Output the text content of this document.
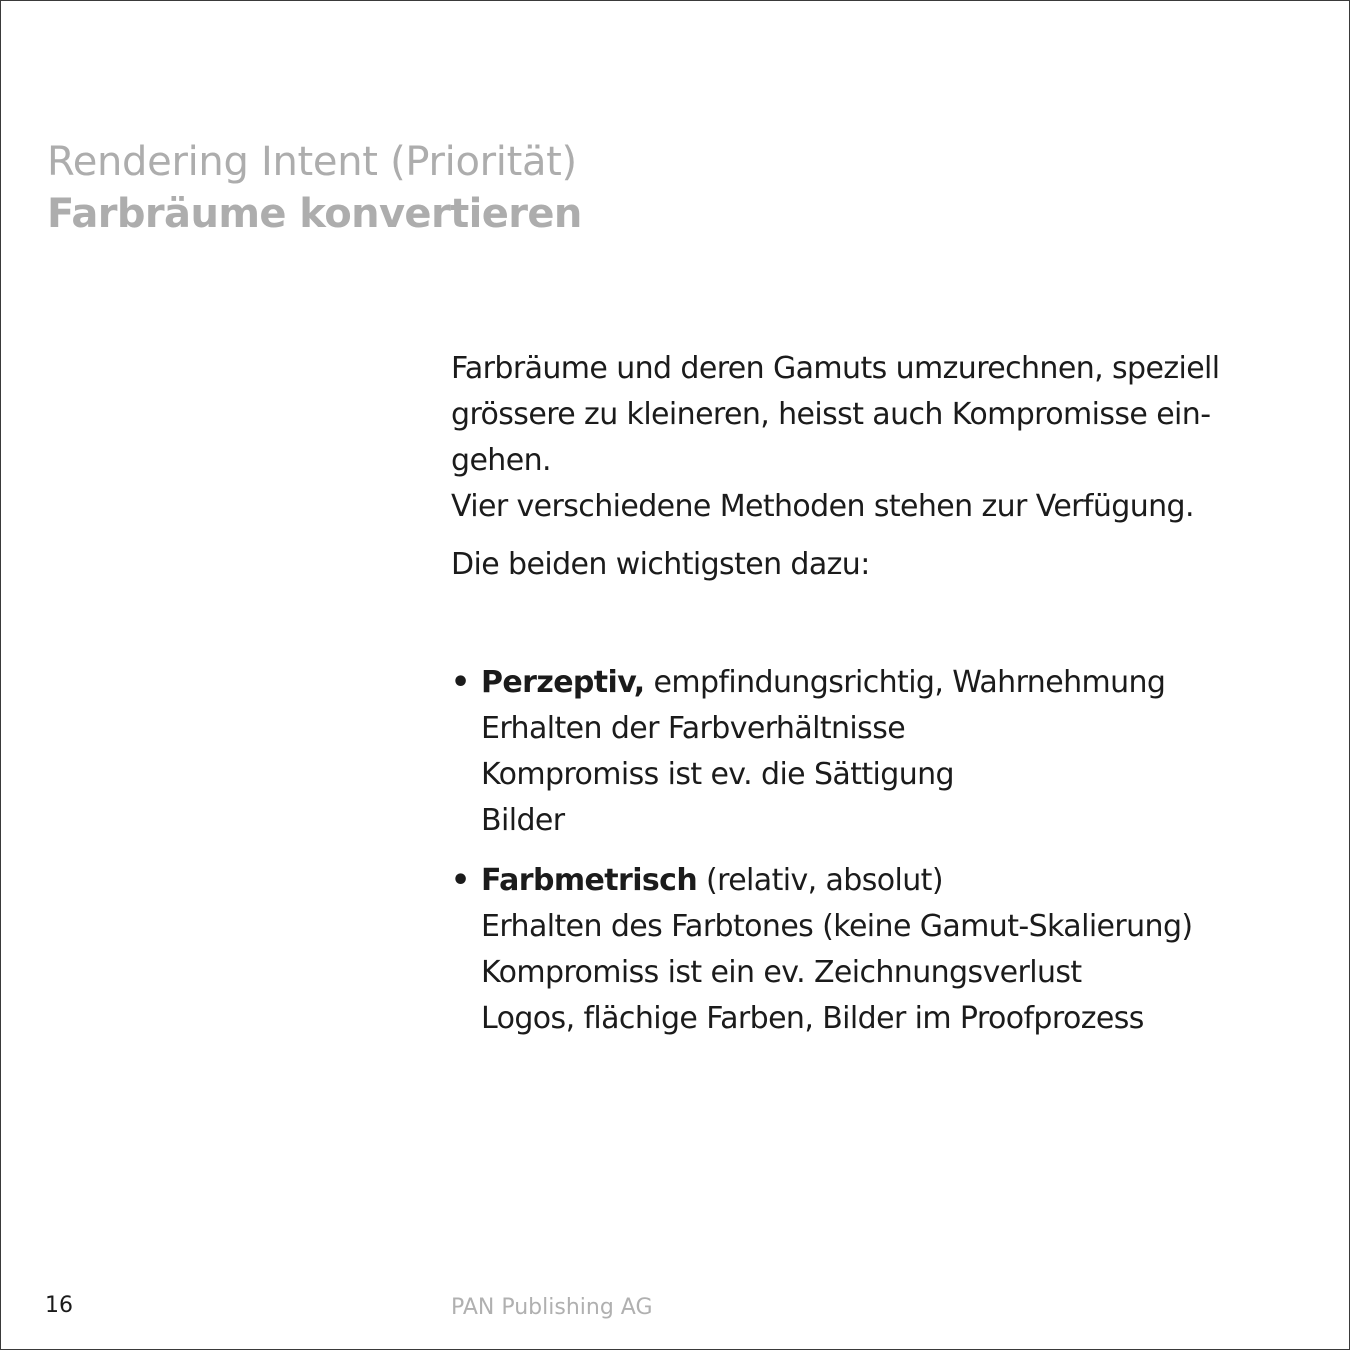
Rendering Intent (Priorität)
Farbräume konvertieren
Farbräume und deren Gamuts umzurechnen, speziell
grössere zu kleineren, heisst auch Kompromisse ein-
gehen.
Vier verschiedene Methoden stehen zur Verfügung.
Die beiden wichtigsten dazu:
• Perzeptiv, empfindungsrichtig, Wahrnehmung
Erhalten der Farbverhältnisse
Kompromiss ist ev. die Sättigung
Bilder
• Farbmetrisch (relativ, absolut)
Erhalten des Farbtones (keine Gamut-Skalierung)
Kompromiss ist ein ev. Zeichnungsverlust
Logos, flächige Farben, Bilder im Proofprozess
16	PAN Publishing AG
